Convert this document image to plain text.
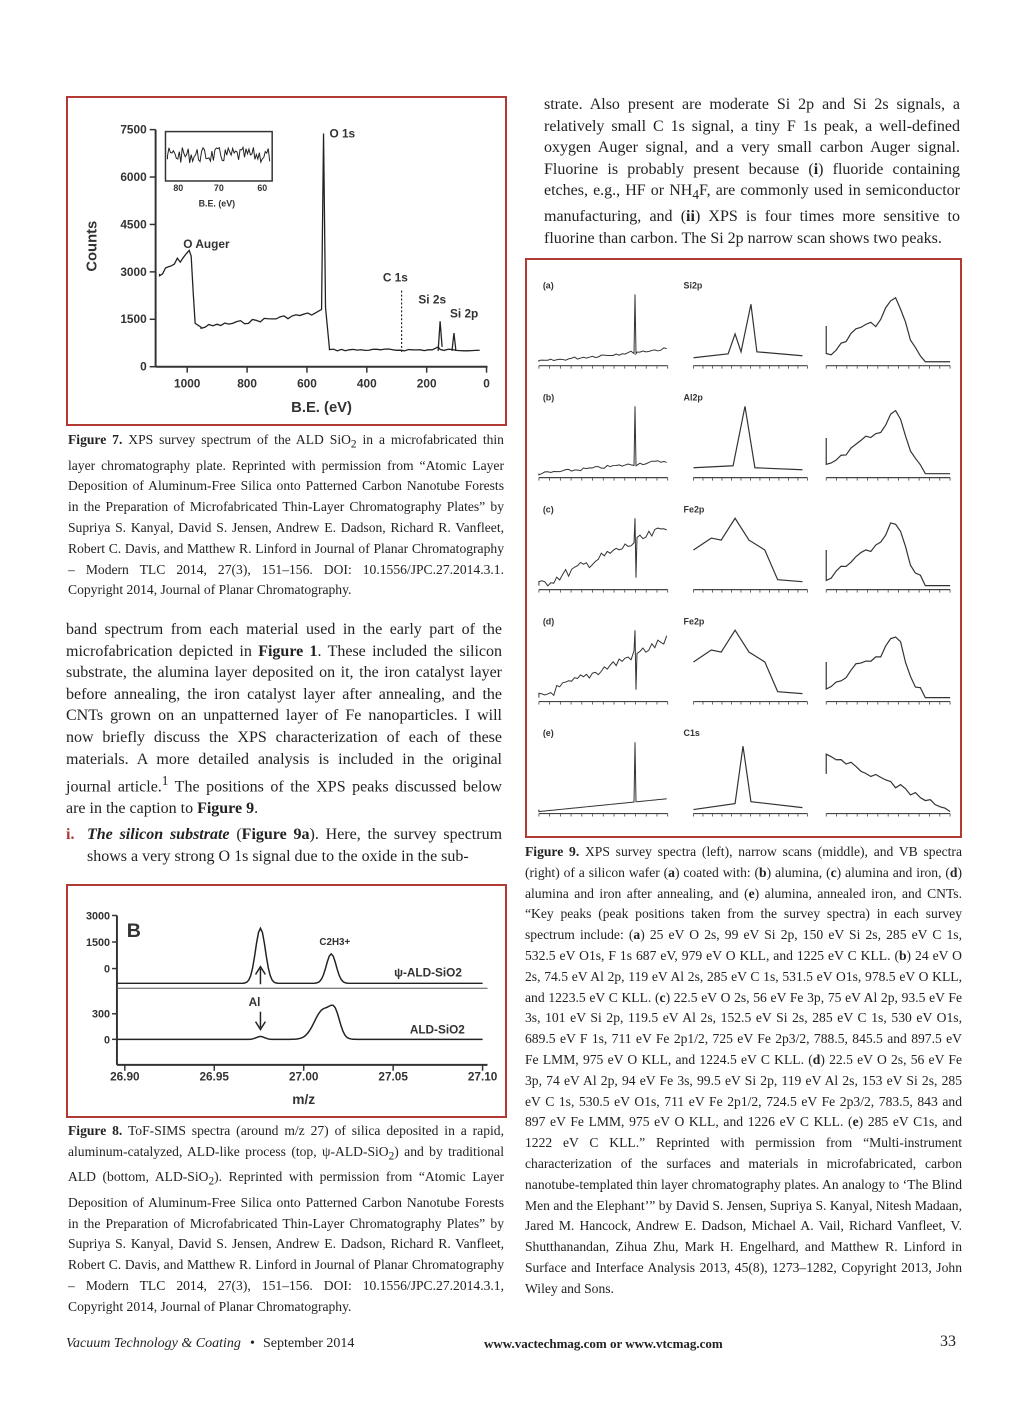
strate. Also present are moderate Si 2p and Si 2s signals, a relatively small C 1s signal, a tiny F 1s peak, a well-defined oxygen Auger signal, and a very small carbon Auger signal. Fluorine is probably present because (i) fluoride containing etches, e.g., HF or $NH_4F$, are commonly used in semiconductor manufacturing, and (ii) XPS is four times more sensitive to fluorine than carbon. The Si 2p narrow scan shows two peaks.
7500
6000
4500
3000
1500
0
1000	800	600	400	200	0
Counts
B.E. (eV)
80	70	60
B.E. (eV)
O 1s
O Auger
C 1s
Si 2s
Si 2p
Figure 7. XPS survey spectrum of the ALD SiO$_2$ in a microfabricated thin layer chromatography plate. Reprinted with permission from “Atomic Layer Deposition of Aluminum-Free Silica onto Patterned Carbon Nanotube Forests in the Preparation of Microfabricated Thin-Layer Chromatography Plates” by Supriya S. Kanyal, David S. Jensen, Andrew E. Dadson, Richard R. Vanfleet, Robert C. Davis, and Matthew R. Linford in Journal of Planar Chromatography – Modern TLC 2014, 27(3), 151–156. DOI: 10.1556/JPC.27.2014.3.1. Copyright 2014, Journal of Planar Chromatography.
band spectrum from each material used in the early part of the microfabrication depicted in Figure 1. These included the silicon substrate, the alumina layer deposited on it, the iron catalyst layer before annealing, the iron catalyst layer after annealing, and the CNTs grown on an unpatterned layer of Fe nanoparticles. I will now briefly discuss the XPS characterization of each of these materials. A more detailed analysis is included in the original journal article.$^1$ The positions of the XPS peaks discussed below are in the caption to Figure 9.
i. The silicon substrate (Figure 9a). Here, the survey spectrum shows a very strong O 1s signal due to the oxide in the sub-
(a)	Si2p
(b)	Al2p
(c)	Fe2p
(d)	Fe2p
(e)	C1s
B
3000
1500
0
300
0
26.90	26.95	27.00	27.05	27.10
C2H3+
ψ-ALD-SiO2
ALD-SiO2
Al
m/z
Figure 8. ToF-SIMS spectra (around m/z 27) of silica deposited in a rapid, aluminum-catalyzed, ALD-like process (top, ψ-ALD-SiO$_2$) and by traditional ALD (bottom, ALD-SiO$_2$). Reprinted with permission from “Atomic Layer Deposition of Aluminum-Free Silica onto Patterned Carbon Nanotube Forests in the Preparation of Microfabricated Thin-Layer Chromatography Plates” by Supriya S. Kanyal, David S. Jensen, Andrew E. Dadson, Richard R. Vanfleet, Robert C. Davis, and Matthew R. Linford in Journal of Planar Chromatography – Modern TLC 2014, 27(3), 151–156. DOI: 10.1556/JPC.27.2014.3.1, Copyright 2014, Journal of Planar Chromatography.
Figure 9. XPS survey spectra (left), narrow scans (middle), and VB spectra (right) of a silicon wafer (a) coated with: (b) alumina, (c) alumina and iron, (d) alumina and iron after annealing, and (e) alumina, annealed iron, and CNTs. “Key peaks (peak positions taken from the survey spectra) in each survey spectrum include: (a) 25 eV O 2s, 99 eV Si 2p, 150 eV Si 2s, 285 eV C 1s, 532.5 eV O1s, F 1s 687 eV, 979 eV O KLL, and 1225 eV C KLL. (b) 24 eV O 2s, 74.5 eV Al 2p, 119 eV Al 2s, 285 eV C 1s, 531.5 eV O1s, 978.5 eV O KLL, and 1223.5 eV C KLL. (c) 22.5 eV O 2s, 56 eV Fe 3p, 75 eV Al 2p, 93.5 eV Fe 3s, 101 eV Si 2p, 119.5 eV Al 2s, 152.5 eV Si 2s, 285 eV C 1s, 530 eV O1s, 689.5 eV F 1s, 711 eV Fe 2p1/2, 725 eV Fe 2p3/2, 788.5, 845.5 and 897.5 eV Fe LMM, 975 eV O KLL, and 1224.5 eV C KLL. (d) 22.5 eV O 2s, 56 eV Fe 3p, 74 eV Al 2p, 94 eV Fe 3s, 99.5 eV Si 2p, 119 eV Al 2s, 153 eV Si 2s, 285 eV C 1s, 530.5 eV O1s, 711 eV Fe 2p1/2, 724.5 eV Fe 2p3/2, 783.5, 843 and 897 eV Fe LMM, 975 eV O KLL, and 1226 eV C KLL. (e) 285 eV C1s, and 1222 eV C KLL.” Reprinted with permission from “Multi-instrument characterization of the surfaces and materials in microfabricated, carbon nanotube-templated thin layer chromatography plates. An analogy to ‘The Blind Men and the Elephant’” by David S. Jensen, Supriya S. Kanyal, Nitesh Madaan, Jared M. Hancock, Andrew E. Dadson, Michael A. Vail, Richard Vanfleet, V. Shutthanandan, Zihua Zhu, Mark H. Engelhard, and Matthew R. Linford in Surface and Interface Analysis 2013, 45(8), 1273–1282, Copyright 2013, John Wiley and Sons.
Vacuum Technology & Coating • September 2014	www.vactechmag.com or www.vtcmag.com	33
